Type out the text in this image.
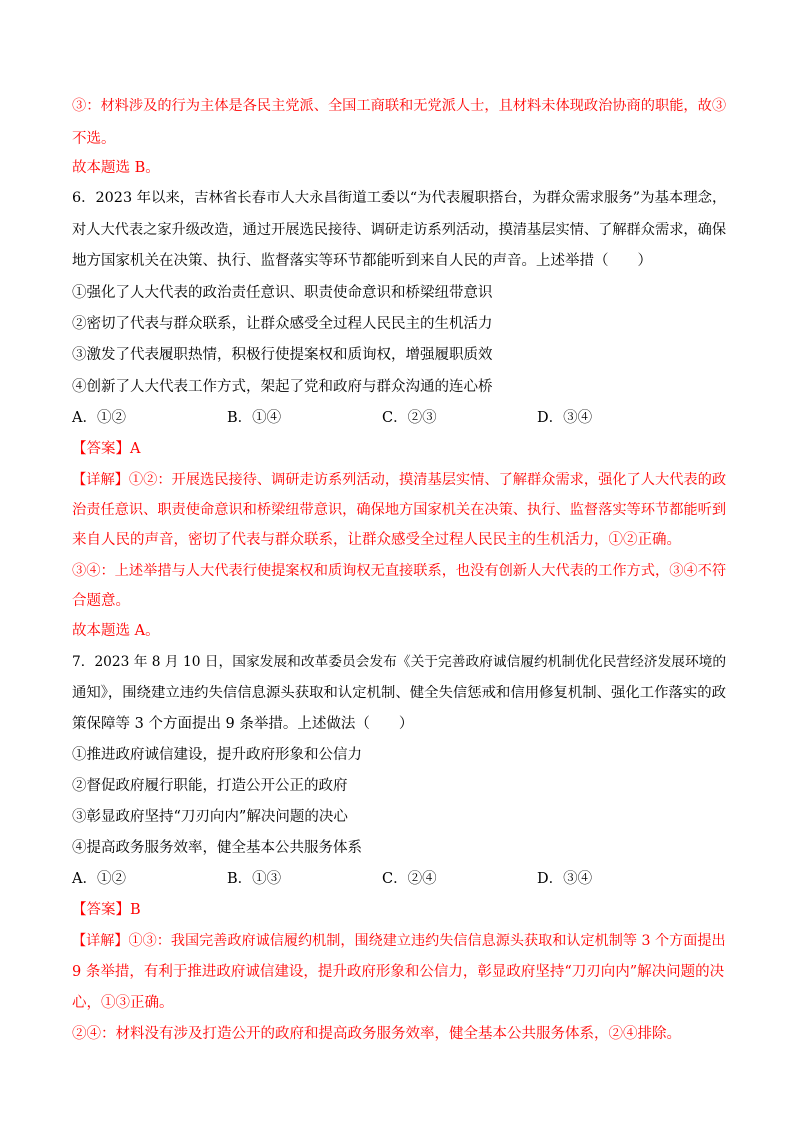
③：材料涉及的行为主体是各民主党派、全国工商联和无党派人士，且材料未体现政治协商的职能，故③
不选。
故本题选 B。
6．2023 年以来，吉林省长春市人大永昌街道工委以“为代表履职搭台，为群众需求服务”为基本理念，
对人大代表之家升级改造，通过开展选民接待、调研走访系列活动，摸清基层实情、了解群众需求，确保
地方国家机关在决策、执行、监督落实等环节都能听到来自人民的声音。上述举措（　　）
①强化了人大代表的政治责任意识、职责使命意识和桥梁纽带意识
②密切了代表与群众联系，让群众感受全过程人民民主的生机活力
③激发了代表履职热情，积极行使提案权和质询权，增强履职质效
④创新了人大代表工作方式，架起了党和政府与群众沟通的连心桥
A．①②	B．①④	C．②③	D．③④
【答案】A
【详解】①②：开展选民接待、调研走访系列活动，摸清基层实情、了解群众需求，强化了人大代表的政
治责任意识、职责使命意识和桥梁纽带意识，确保地方国家机关在决策、执行、监督落实等环节都能听到
来自人民的声音，密切了代表与群众联系，让群众感受全过程人民民主的生机活力，①②正确。
③④：上述举措与人大代表行使提案权和质询权无直接联系，也没有创新人大代表的工作方式，③④不符
合题意。
故本题选 A。
7．2023 年 8 月 10 日，国家发展和改革委员会发布《关于完善政府诚信履约机制优化民营经济发展环境的
通知》，围绕建立违约失信信息源头获取和认定机制、健全失信惩戒和信用修复机制、强化工作落实的政
策保障等 3 个方面提出 9 条举措。上述做法（　　）
①推进政府诚信建设，提升政府形象和公信力
②督促政府履行职能，打造公开公正的政府
③彰显政府坚持“刀刃向内”解决问题的决心
④提高政务服务效率，健全基本公共服务体系
A．①②	B．①③	C．②④	D．③④
【答案】B
【详解】①③：我国完善政府诚信履约机制，围绕建立违约失信信息源头获取和认定机制等 3 个方面提出
9 条举措，有利于推进政府诚信建设，提升政府形象和公信力，彰显政府坚持“刀刃向内”解决问题的决
心，①③正确。
②④：材料没有涉及打造公开的政府和提高政务服务效率，健全基本公共服务体系，②④排除。
